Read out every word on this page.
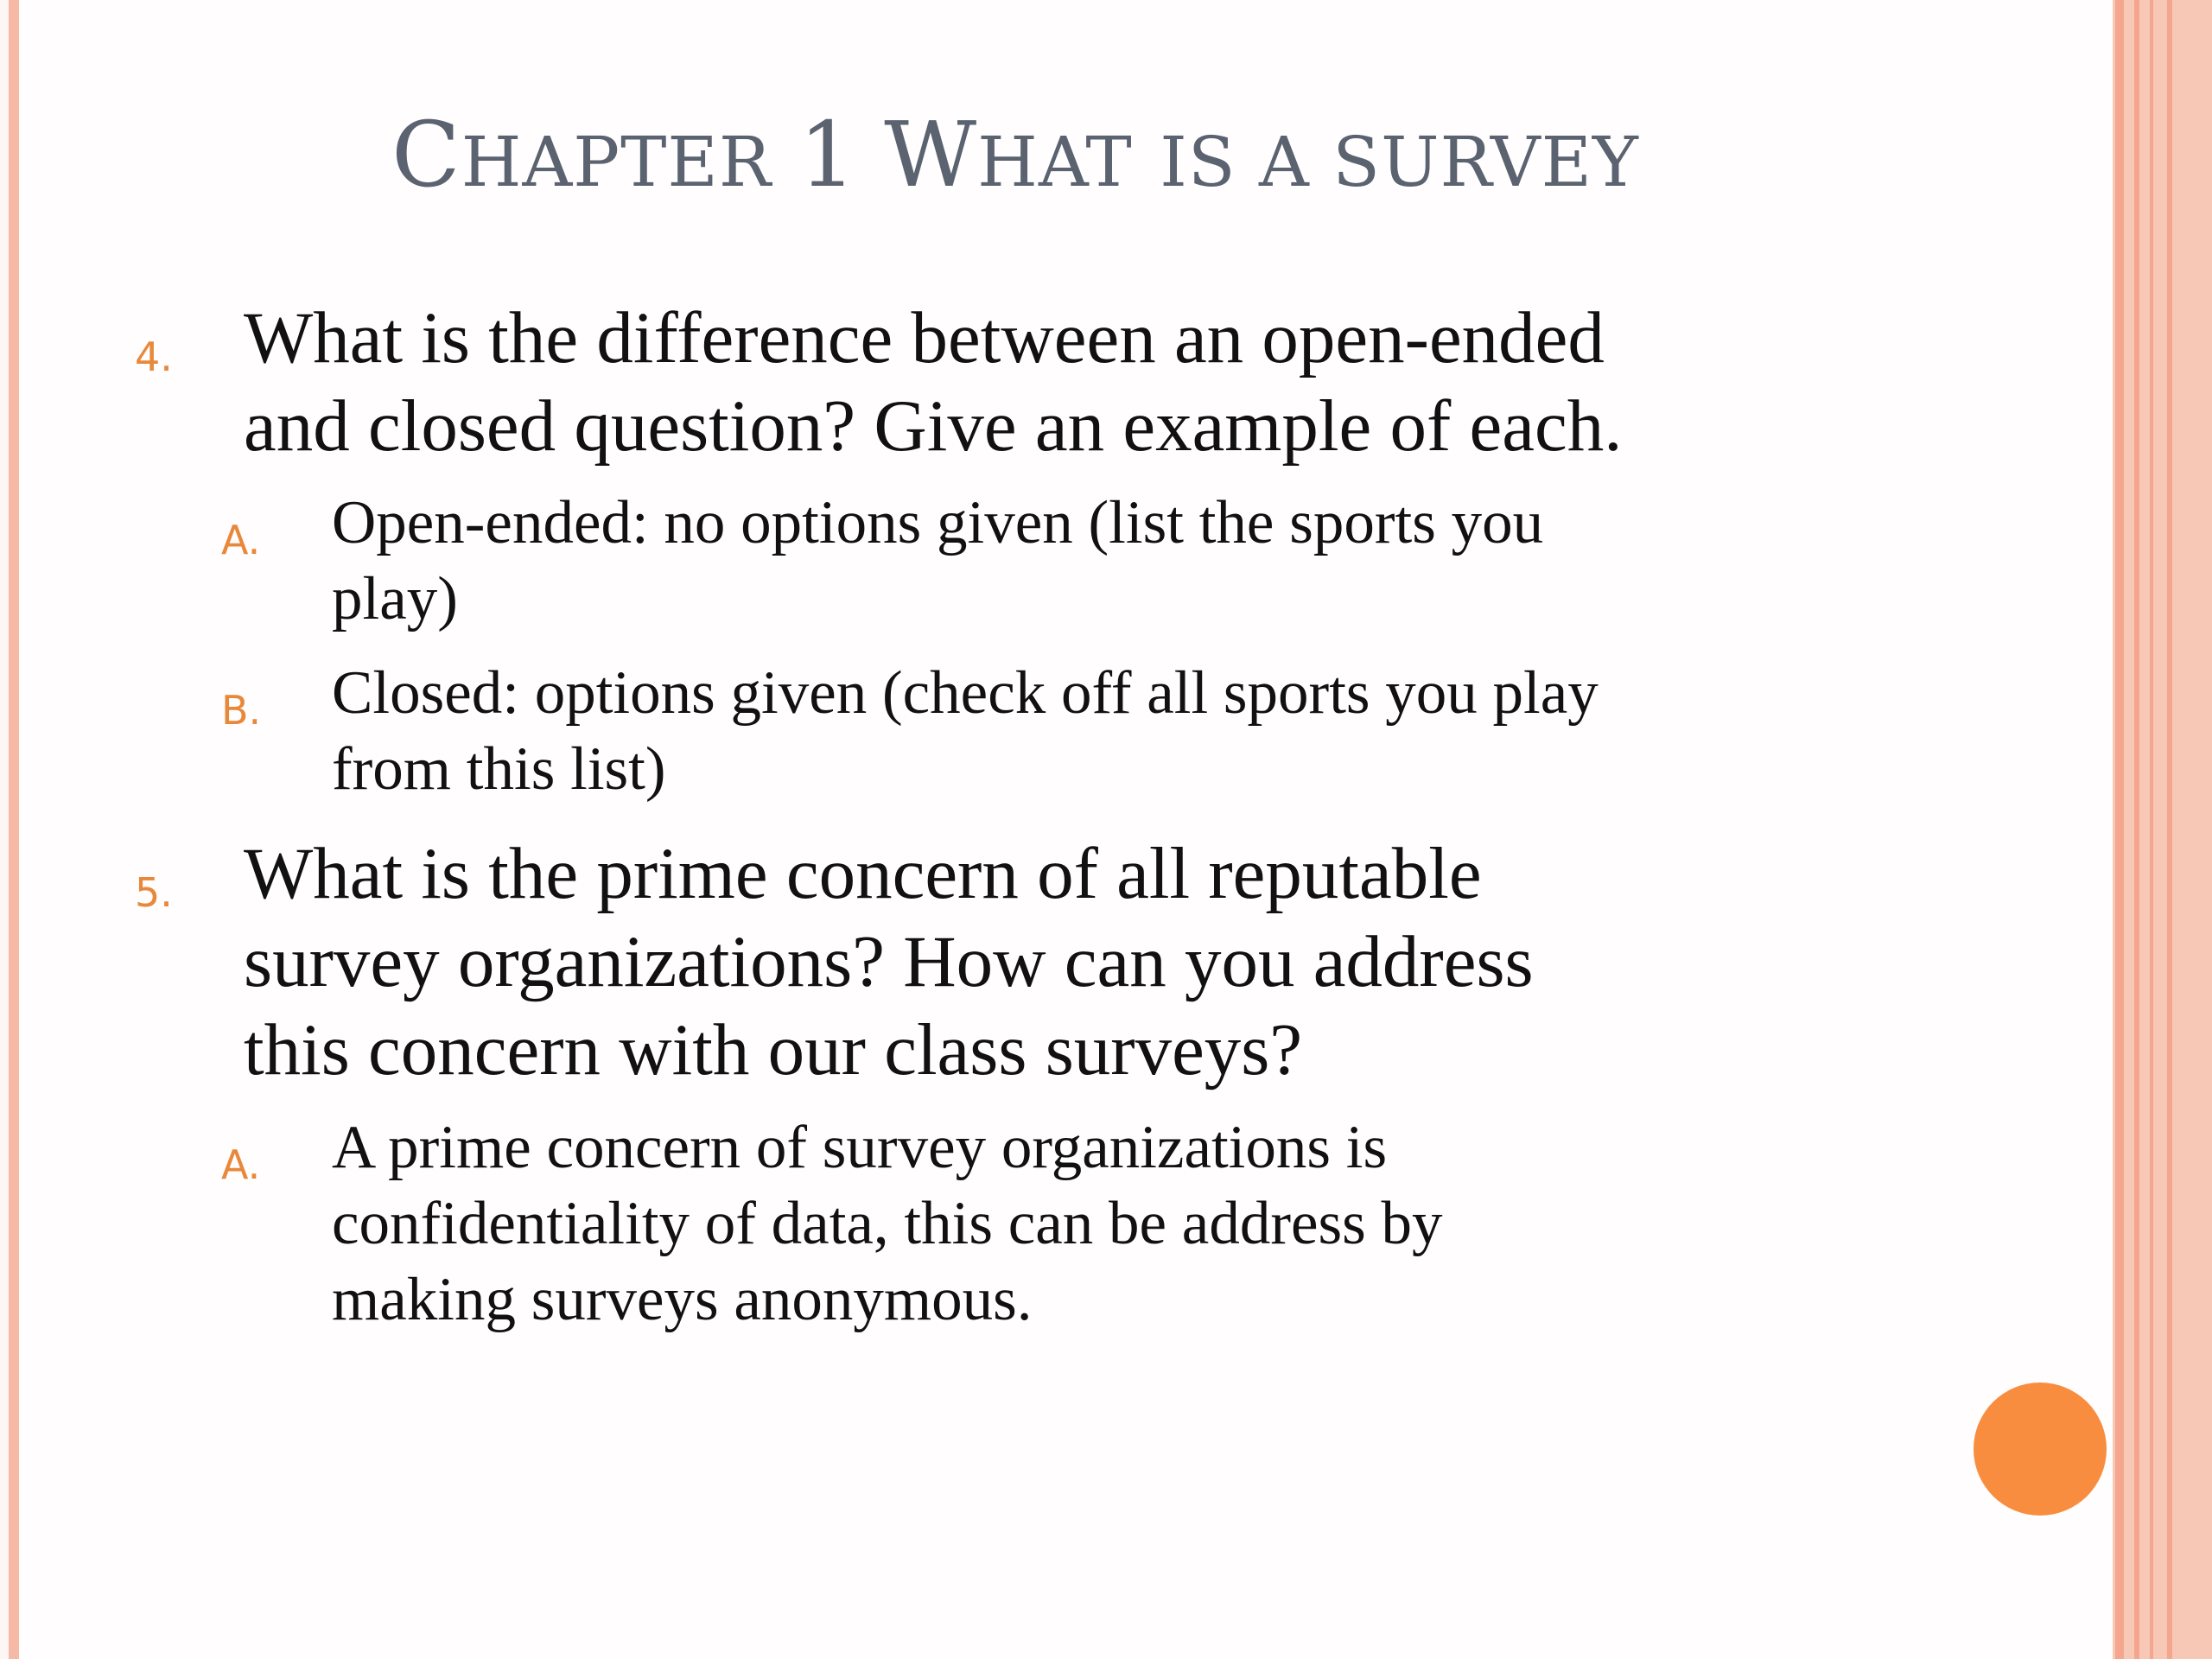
CHAPTER 1 WHAT IS A SURVEY
4. What is the difference between an open-ended
and closed question? Give an example of each.
A. Open-ended: no options given (list the sports you
play)
B. Closed: options given (check off all sports you play
from this list)
5. What is the prime concern of all reputable
survey organizations? How can you address
this concern with our class surveys?
A. A prime concern of survey organizations is
confidentiality of data, this can be address by
making surveys anonymous.
